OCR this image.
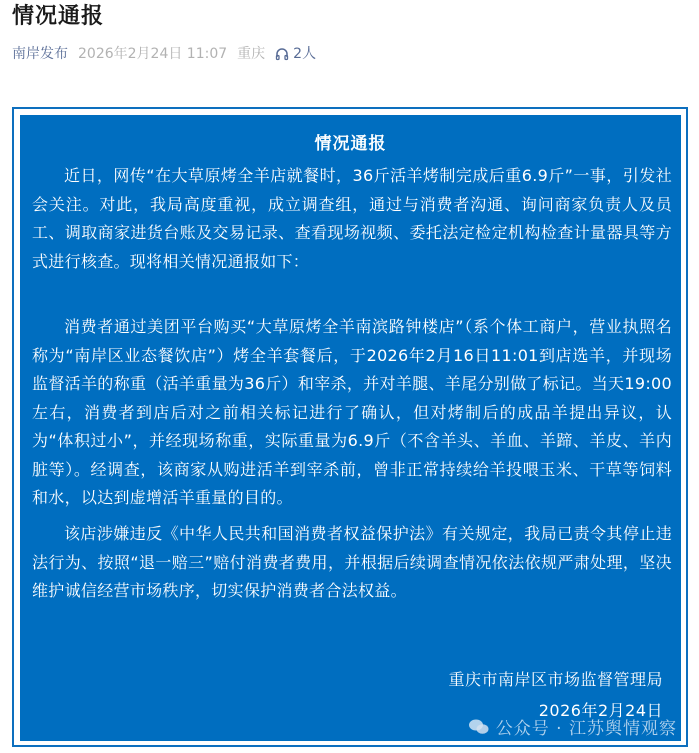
情况通报
南岸发布 2026年2月24日 11:07 重庆 2人
情况通报
近日，网传“在大草原烤全羊店就餐时，36斤活羊烤制完成后重6.9斤”一事，引发社会关注。对此，我局高度重视，成立调查组，通过与消费者沟通、询问商家负责人及员工、调取商家进货台账及交易记录、查看现场视频、委托法定检定机构检查计量器具等方式进行核查。现将相关情况通报如下：
消费者通过美团平台购买“大草原烤全羊南滨路钟楼店”（系个体工商户，营业执照名称为“南岸区业态餐饮店”）烤全羊套餐后，于2026年2月16日11:01到店选羊，并现场监督活羊的称重（活羊重量为36斤）和宰杀，并对羊腿、羊尾分别做了标记。当天19:00左右，消费者到店后对之前相关标记进行了确认，但对烤制后的成品羊提出异议，认为“体积过小”，并经现场称重，实际重量为6.9斤（不含羊头、羊血、羊蹄、羊皮、羊内脏等）。经调查，该商家从购进活羊到宰杀前，曾非正常持续给羊投喂玉米、干草等饲料和水，以达到虚增活羊重量的目的。
该店涉嫌违反《中华人民共和国消费者权益保护法》有关规定，我局已责令其停止违法行为、按照“退一赔三”赔付消费者费用，并根据后续调查情况依法依规严肃处理，坚决维护诚信经营市场秩序，切实保护消费者合法权益。
重庆市南岸区市场监督管理局
2026年2月24日
公众号 · 江苏舆情观察
